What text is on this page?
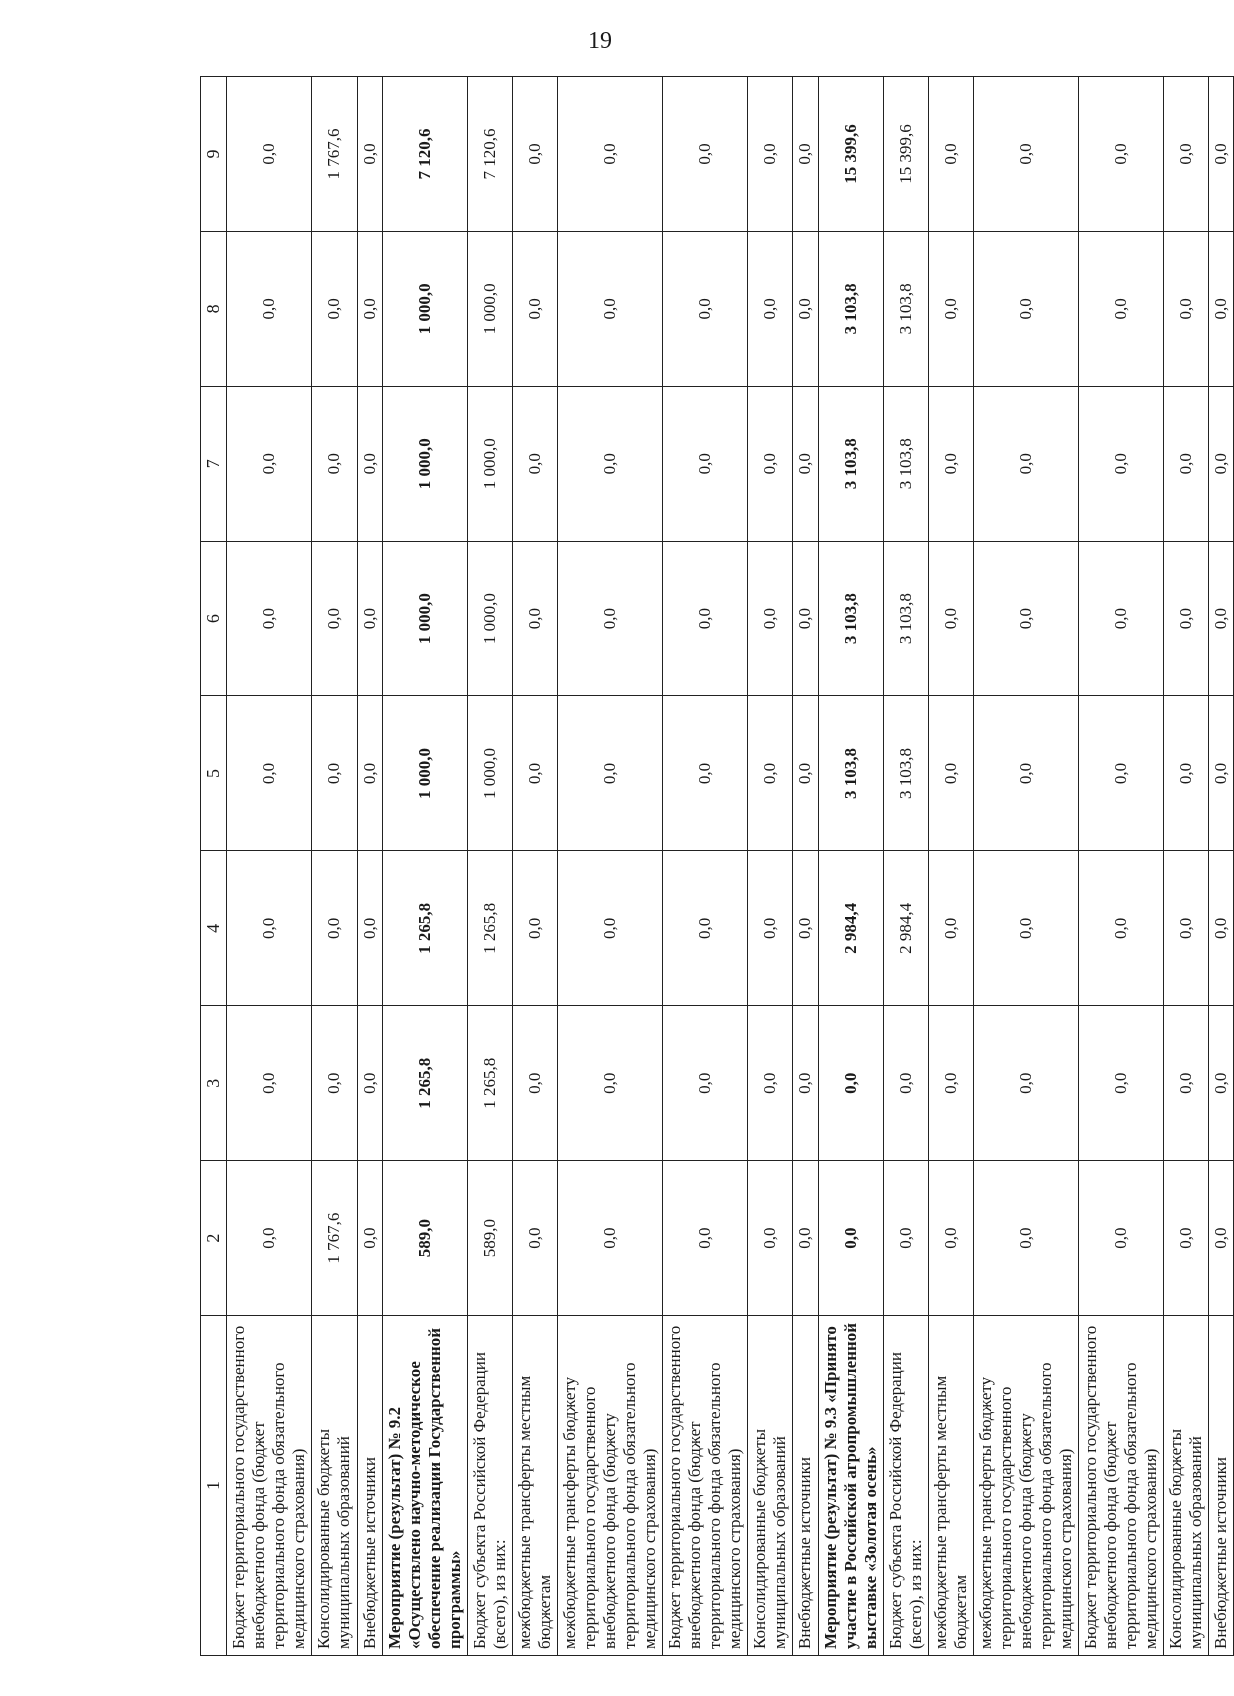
19
1	2	3	4	5	6	7	8	9
Бюджет территориального государственного внебюджетного фонда (бюджет территориального фонда обязательного медицинского страхования)	0,0	0,0	0,0	0,0	0,0	0,0	0,0	0,0
Консолидированные бюджеты муниципальных образований	1 767,6	0,0	0,0	0,0	0,0	0,0	0,0	1 767,6
Внебюджетные источники	0,0	0,0	0,0	0,0	0,0	0,0	0,0	0,0
Мероприятие (результат) № 9.2 «Осуществлено научно-методическое обеспечение реализации Государственной программы»	589,0	1 265,8	1 265,8	1 000,0	1 000,0	1 000,0	1 000,0	7 120,6
Бюджет субъекта Российской Федерации (всего), из них:	589,0	1 265,8	1 265,8	1 000,0	1 000,0	1 000,0	1 000,0	7 120,6
межбюджетные трансферты местным бюджетам	0,0	0,0	0,0	0,0	0,0	0,0	0,0	0,0
межбюджетные трансферты бюджету территориального государственного внебюджетного фонда (бюджету территориального фонда обязательного медицинского страхования)	0,0	0,0	0,0	0,0	0,0	0,0	0,0	0,0
Бюджет территориального государственного внебюджетного фонда (бюджет территориального фонда обязательного медицинского страхования)	0,0	0,0	0,0	0,0	0,0	0,0	0,0	0,0
Консолидированные бюджеты муниципальных образований	0,0	0,0	0,0	0,0	0,0	0,0	0,0	0,0
Внебюджетные источники	0,0	0,0	0,0	0,0	0,0	0,0	0,0	0,0
Мероприятие (результат) № 9.3 «Принято участие в Российской агропромышленной выставке «Золотая осень»	0,0	0,0	2 984,4	3 103,8	3 103,8	3 103,8	3 103,8	15 399,6
Бюджет субъекта Российской Федерации (всего), из них:	0,0	0,0	2 984,4	3 103,8	3 103,8	3 103,8	3 103,8	15 399,6
межбюджетные трансферты местным бюджетам	0,0	0,0	0,0	0,0	0,0	0,0	0,0	0,0
межбюджетные трансферты бюджету территориального государственного внебюджетного фонда (бюджету территориального фонда обязательного медицинского страхования)	0,0	0,0	0,0	0,0	0,0	0,0	0,0	0,0
Бюджет территориального государственного внебюджетного фонда (бюджет территориального фонда обязательного медицинского страхования)	0,0	0,0	0,0	0,0	0,0	0,0	0,0	0,0
Консолидированные бюджеты муниципальных образований	0,0	0,0	0,0	0,0	0,0	0,0	0,0	0,0
Внебюджетные источники	0,0	0,0	0,0	0,0	0,0	0,0	0,0	0,0
